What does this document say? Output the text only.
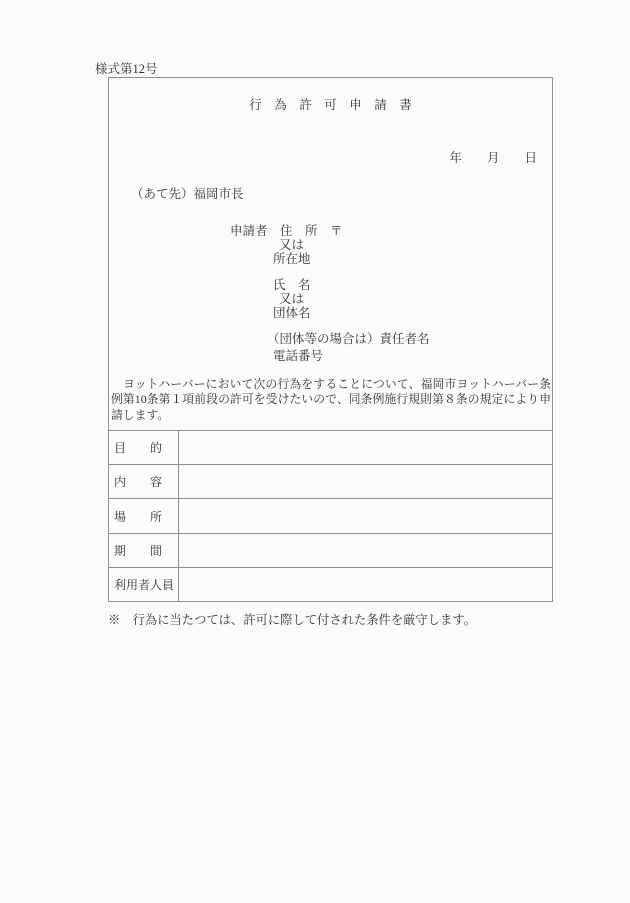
様式第12号
行　為　許　可　申　請　書
年　　月　　日
（あて先）福岡市長
申請者　住　所　〒
又は
所在地
氏　名
又は
団体名
（団体等の場合は）責任者名
電話番号
　ヨットハーバーにおいて次の行為をすることについて、福岡市ヨットハーバー条例第10条第１項前段の許可を受けたいので、同条例施行規則第８条の規定により申請します。
目　　的
内　　容
場　　所
期　　間
利用者人員
※　行為に当たつては、許可に際して付された条件を厳守します。
